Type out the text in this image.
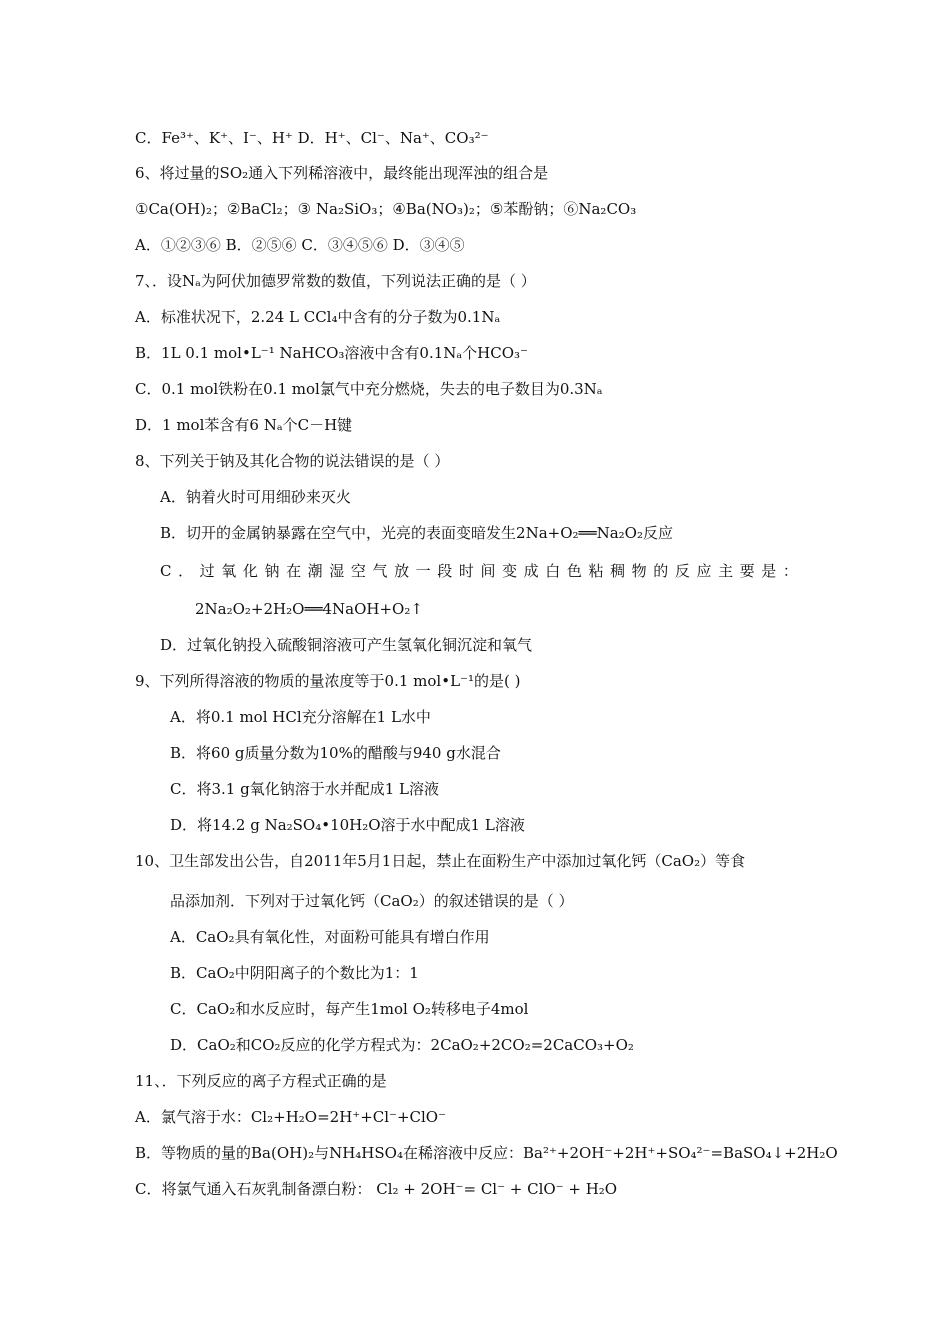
C．Fe³⁺、K⁺、I⁻、H⁺ D．H⁺、Cl⁻、Na⁺、CO₃²⁻
6、将过量的SO₂通入下列稀溶液中，最终能出现浑浊的组合是
①Ca(OH)₂；②BaCl₂；③ Na₂SiO₃；④Ba(NO₃)₂；⑤苯酚钠；⑥Na₂CO₃
A．①②③⑥ B．②⑤⑥ C．③④⑤⑥ D．③④⑤
7、．设Nₐ为阿伏加德罗常数的数值，下列说法正确的是（ ）
A．标准状况下，2.24 L CCl₄中含有的分子数为0.1Nₐ
B．1L 0.1 mol•L⁻¹ NaHCO₃溶液中含有0.1Nₐ个HCO₃⁻
C．0.1 mol铁粉在0.1 mol氯气中充分燃烧，失去的电子数目为0.3Nₐ
D．1 mol苯含有6 Nₐ个C－H键
8、下列关于钠及其化合物的说法错误的是（ ）
A．钠着火时可用细砂来灭火
B．切开的金属钠暴露在空气中，光亮的表面变暗发生2Na+O₂══Na₂O₂反应
C．过氧化钠在潮湿空气放一段时间变成白色粘稠物的反应主要是：
2Na₂O₂+2H₂O══4NaOH+O₂↑
D．过氧化钠投入硫酸铜溶液可产生氢氧化铜沉淀和氧气
9、下列所得溶液的物质的量浓度等于0.1 mol•L⁻¹的是( )
A．将0.1 mol HCl充分溶解在1 L水中
B．将60 g质量分数为10%的醋酸与940 g水混合
C．将3.1 g氧化钠溶于水并配成1 L溶液
D．将14.2 g Na₂SO₄•10H₂O溶于水中配成1 L溶液
10、卫生部发出公告，自2011年5月1日起，禁止在面粉生产中添加过氧化钙（CaO₂）等食
品添加剂．下列对于过氧化钙（CaO₂）的叙述错误的是（ ）
A．CaO₂具有氧化性，对面粉可能具有增白作用
B．CaO₂中阴阳离子的个数比为1：1
C．CaO₂和水反应时，每产生1mol O₂转移电子4mol
D．CaO₂和CO₂反应的化学方程式为：2CaO₂+2CO₂=2CaCO₃+O₂
11、．下列反应的离子方程式正确的是
A．氯气溶于水：Cl₂+H₂O=2H⁺+Cl⁻+ClO⁻
B．等物质的量的Ba(OH)₂与NH₄HSO₄在稀溶液中反应：Ba²⁺+2OH⁻+2H⁺+SO₄²⁻=BaSO₄↓+2H₂O
C．将氯气通入石灰乳制备漂白粉： Cl₂ + 2OH⁻= Cl⁻ + ClO⁻ + H₂O
